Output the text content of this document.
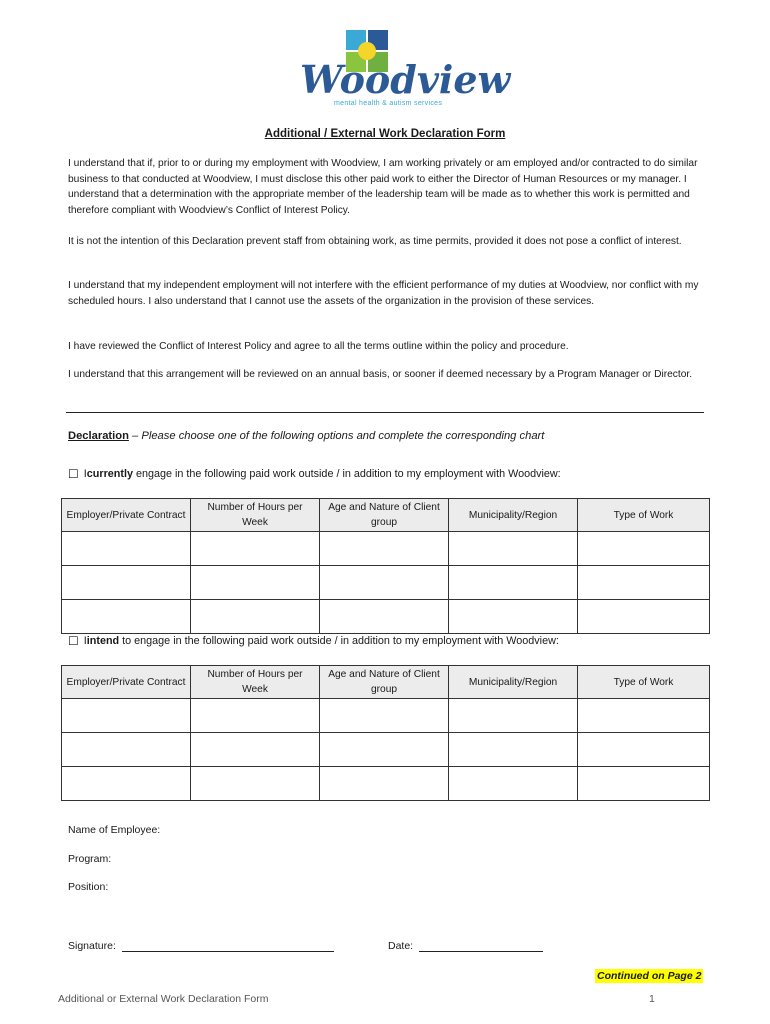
Woodview
mental health & autism services
Additional / External Work Declaration Form

I understand that if, prior to or during my employment with Woodview, I am working privately or am employed and/or contracted to do similar business to that conducted at Woodview, I must disclose this other paid work to either the Director of Human Resources or my manager. I understand that a determination with the appropriate member of the leadership team will be made as to whether this work is permitted and therefore compliant with Woodview’s Conflict of Interest Policy.

It is not the intention of this Declaration prevent staff from obtaining work, as time permits, provided it does not pose a conflict of interest.

I understand that my independent employment will not interfere with the efficient performance of my duties at Woodview, nor conflict with my scheduled hours. I also understand that I cannot use the assets of the organization in the provision of these services.

I have reviewed the Conflict of Interest Policy and agree to all the terms outline within the policy and procedure.

I understand that this arrangement will be reviewed on an annual basis, or sooner if deemed necessary by a Program Manager or Director.

Declaration – Please choose one of the following options and complete the corresponding chart
☐ I currently engage in the following paid work outside / in addition to my employment with Woodview:
Employer/Private Contract	Number of Hours per Week	Age and Nature of Client group	Municipality/Region	Type of Work

☐ I intend to engage in the following paid work outside / in addition to my employment with Woodview:
Employer/Private Contract	Number of Hours per Week	Age and Nature of Client group	Municipality/Region	Type of Work

Name of Employee:
Program:
Position:
Signature:	Date:
Continued on Page 2
Additional or External Work Declaration Form	1
